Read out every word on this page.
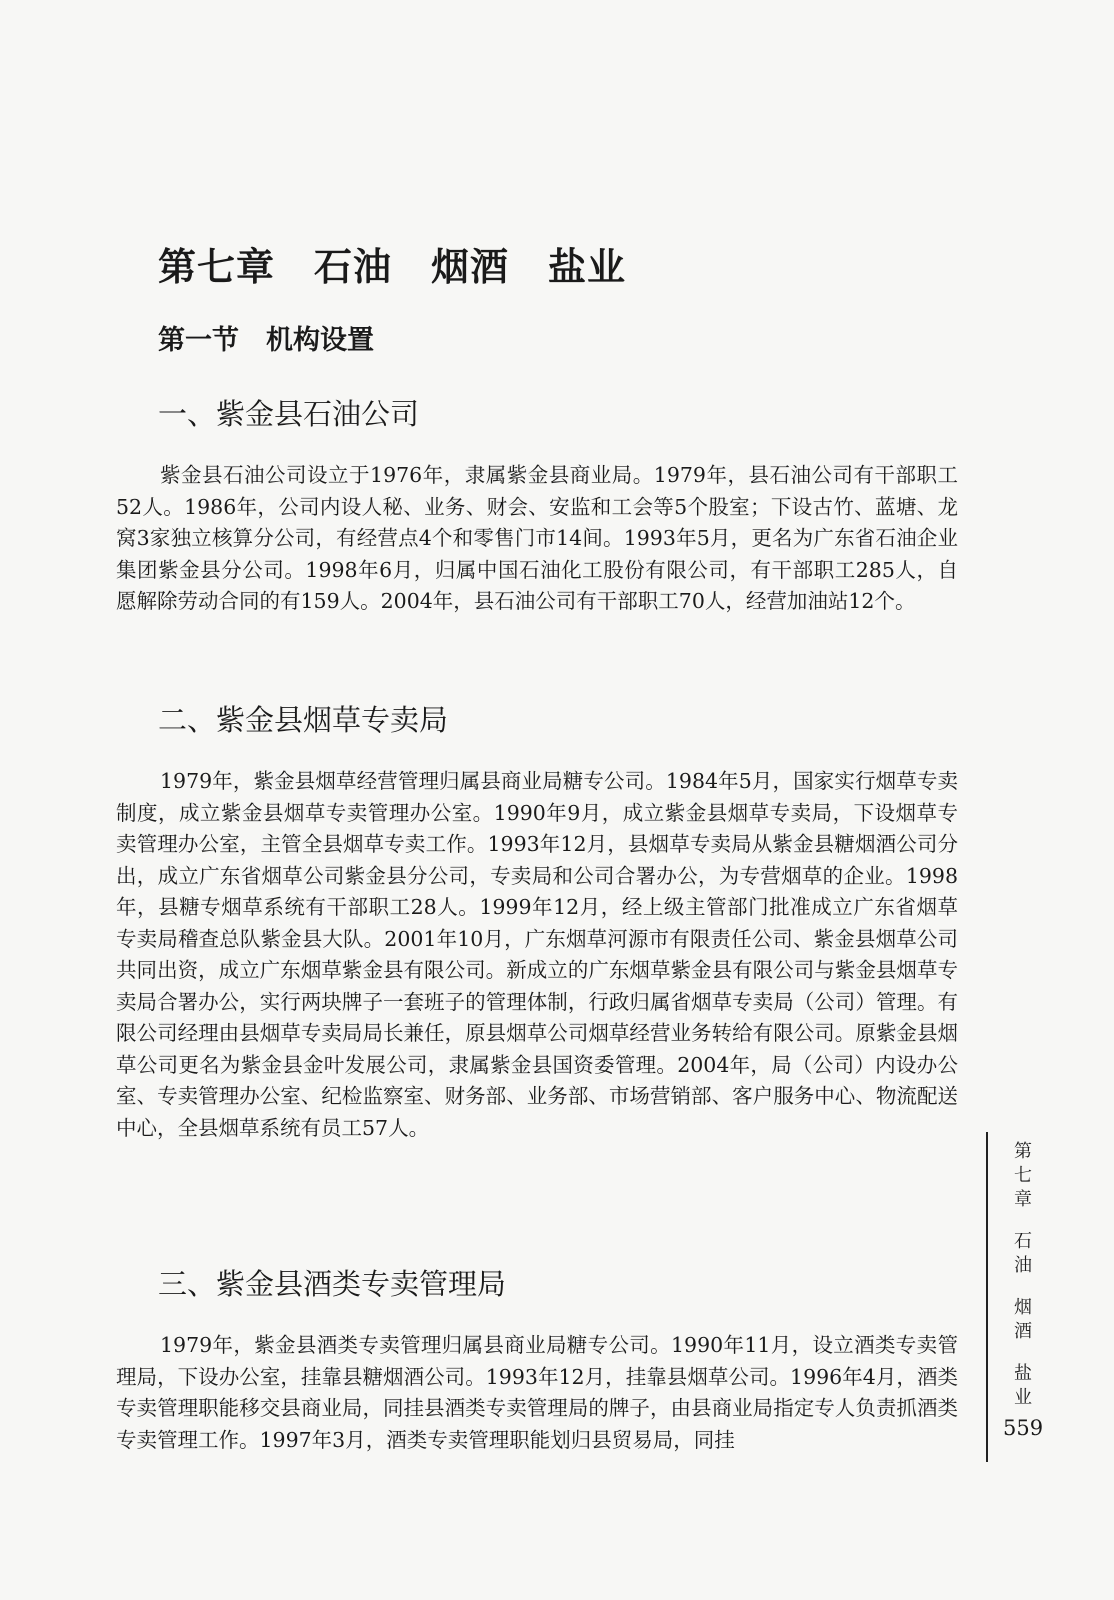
第七章　石油　烟酒　盐业
第一节　机构设置
一、紫金县石油公司

紫金县石油公司设立于1976年，隶属紫金县商业局。1979年，县石油公司有干部职工52人。1986年，公司内设人秘、业务、财会、安监和工会等5个股室；下设古竹、蓝塘、龙窝3家独立核算分公司，有经营点4个和零售门市14间。1993年5月，更名为广东省石油企业集团紫金县分公司。1998年6月，归属中国石油化工股份有限公司，有干部职工285人，自愿解除劳动合同的有159人。2004年，县石油公司有干部职工70人，经营加油站12个。

二、紫金县烟草专卖局

1979年，紫金县烟草经营管理归属县商业局糖专公司。1984年5月，国家实行烟草专卖制度，成立紫金县烟草专卖管理办公室。1990年9月，成立紫金县烟草专卖局，下设烟草专卖管理办公室，主管全县烟草专卖工作。1993年12月，县烟草专卖局从紫金县糖烟酒公司分出，成立广东省烟草公司紫金县分公司，专卖局和公司合署办公，为专营烟草的企业。1998年，县糖专烟草系统有干部职工28人。1999年12月，经上级主管部门批准成立广东省烟草专卖局稽查总队紫金县大队。2001年10月，广东烟草河源市有限责任公司、紫金县烟草公司共同出资，成立广东烟草紫金县有限公司。新成立的广东烟草紫金县有限公司与紫金县烟草专卖局合署办公，实行两块牌子一套班子的管理体制，行政归属省烟草专卖局（公司）管理。有限公司经理由县烟草专卖局局长兼任，原县烟草公司烟草经营业务转给有限公司。原紫金县烟草公司更名为紫金县金叶发展公司，隶属紫金县国资委管理。2004年，局（公司）内设办公室、专卖管理办公室、纪检监察室、财务部、业务部、市场营销部、客户服务中心、物流配送中心，全县烟草系统有员工57人。

三、紫金县酒类专卖管理局

1979年，紫金县酒类专卖管理归属县商业局糖专公司。1990年11月，设立酒类专卖管理局，下设办公室，挂靠县糖烟酒公司。1993年12月，挂靠县烟草公司。1996年4月，酒类专卖管理职能移交县商业局，同挂县酒类专卖管理局的牌子，由县商业局指定专人负责抓酒类专卖管理工作。1997年3月，酒类专卖管理职能划归县贸易局，同挂

第
七
章
石
油
烟
酒
盐
业
559
